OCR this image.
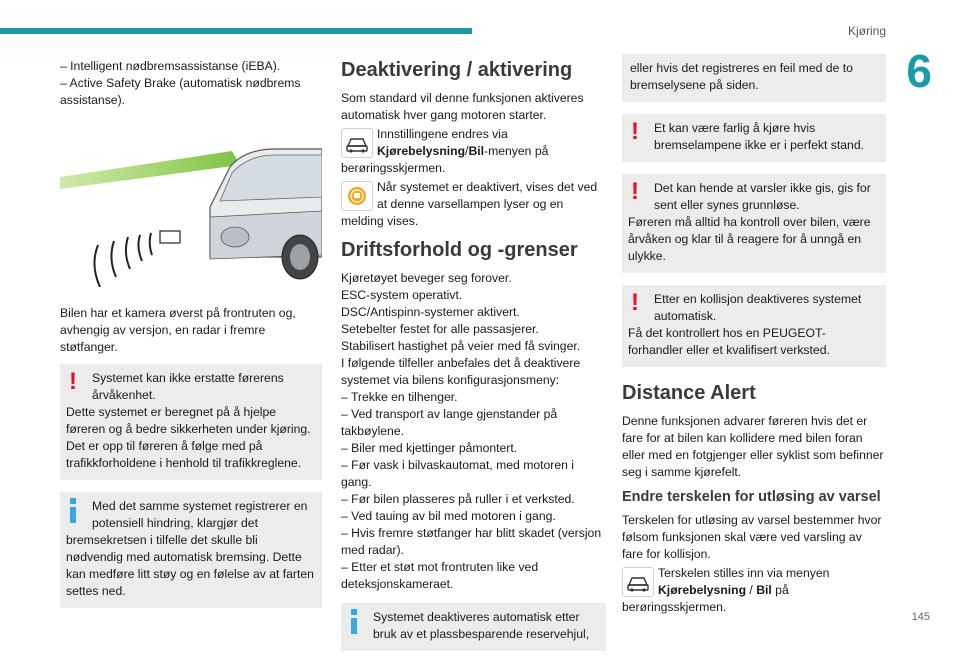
Kjøring
6
145
– Intelligent nødbremsassistanse (iEBA).
– Active Safety Brake (automatisk nødbrems assistanse).

Bilen har et kamera øverst på frontruten og, avhengig av versjon, en radar i fremre støtfanger.

!	Systemet kan ikke erstatte førerens årvåkenhet.
Dette systemet er beregnet på å hjelpe føreren og å bedre sikkerheten under kjøring. Det er opp til føreren å følge med på trafikkforholdene i henhold til trafikkreglene.
Med det samme systemet registrerer en potensiell hindring, klargjør det
bremsekretsen i tilfelle det skulle bli nødvendig med automatisk bremsing. Dette kan medføre litt støy og en følelse av at farten settes ned.
Deaktivering / aktivering

Som standard vil denne funksjonen aktiveres automatisk hver gang motoren starter.

Innstillingene endres via
Kjørebelysning/Bil-menyen på
berøringsskjermen.
Når systemet er deaktivert, vises det ved at denne varsellampen lyser og en
melding vises.
Driftsforhold og -grenser
Kjøretøyet beveger seg forover.
ESC-system operativt.
DSC/Antispinn-systemer aktivert.
Setebelter festet for alle passasjerer.
Stabilisert hastighet på veier med få svinger.
I følgende tilfeller anbefales det å deaktivere systemet via bilens konfigurasjonsmeny:
– Trekke en tilhenger.
– Ved transport av lange gjenstander på takbøylene.
– Biler med kjettinger påmontert.
– Før vask i bilvaskautomat, med motoren i gang.
– Før bilen plasseres på ruller i et verksted.
– Ved tauing av bil med motoren i gang.
– Hvis fremre støtfanger har blitt skadet (versjon med radar).
– Etter et støt mot frontruten like ved deteksjonskameraet.
Systemet deaktiveres automatisk etter bruk av et plassbesparende reservehjul,
eller hvis det registreres en feil med de to bremselysene på siden.
!	Et kan være farlig å kjøre hvis bremselampene ikke er i perfekt stand.
!	Det kan hende at varsler ikke gis, gis for sent eller synes grunnløse.
Føreren må alltid ha kontroll over bilen, være årvåken og klar til å reagere for å unngå en ulykke.
!	Etter en kollisjon deaktiveres systemet automatisk.
Få det kontrollert hos en PEUGEOT-forhandler eller et kvalifisert verksted.
Distance Alert

Denne funksjonen advarer føreren hvis det er fare for at bilen kan kollidere med bilen foran eller med en fotgjenger eller syklist som befinner seg i samme kjørefelt.

Endre terskelen for utløsing av varsel

Terskelen for utløsing av varsel bestemmer hvor følsom funksjonen skal være ved varsling av fare for kollisjon.

Terskelen stilles inn via menyen
Kjørebelysning / Bil på
berøringsskjermen.
